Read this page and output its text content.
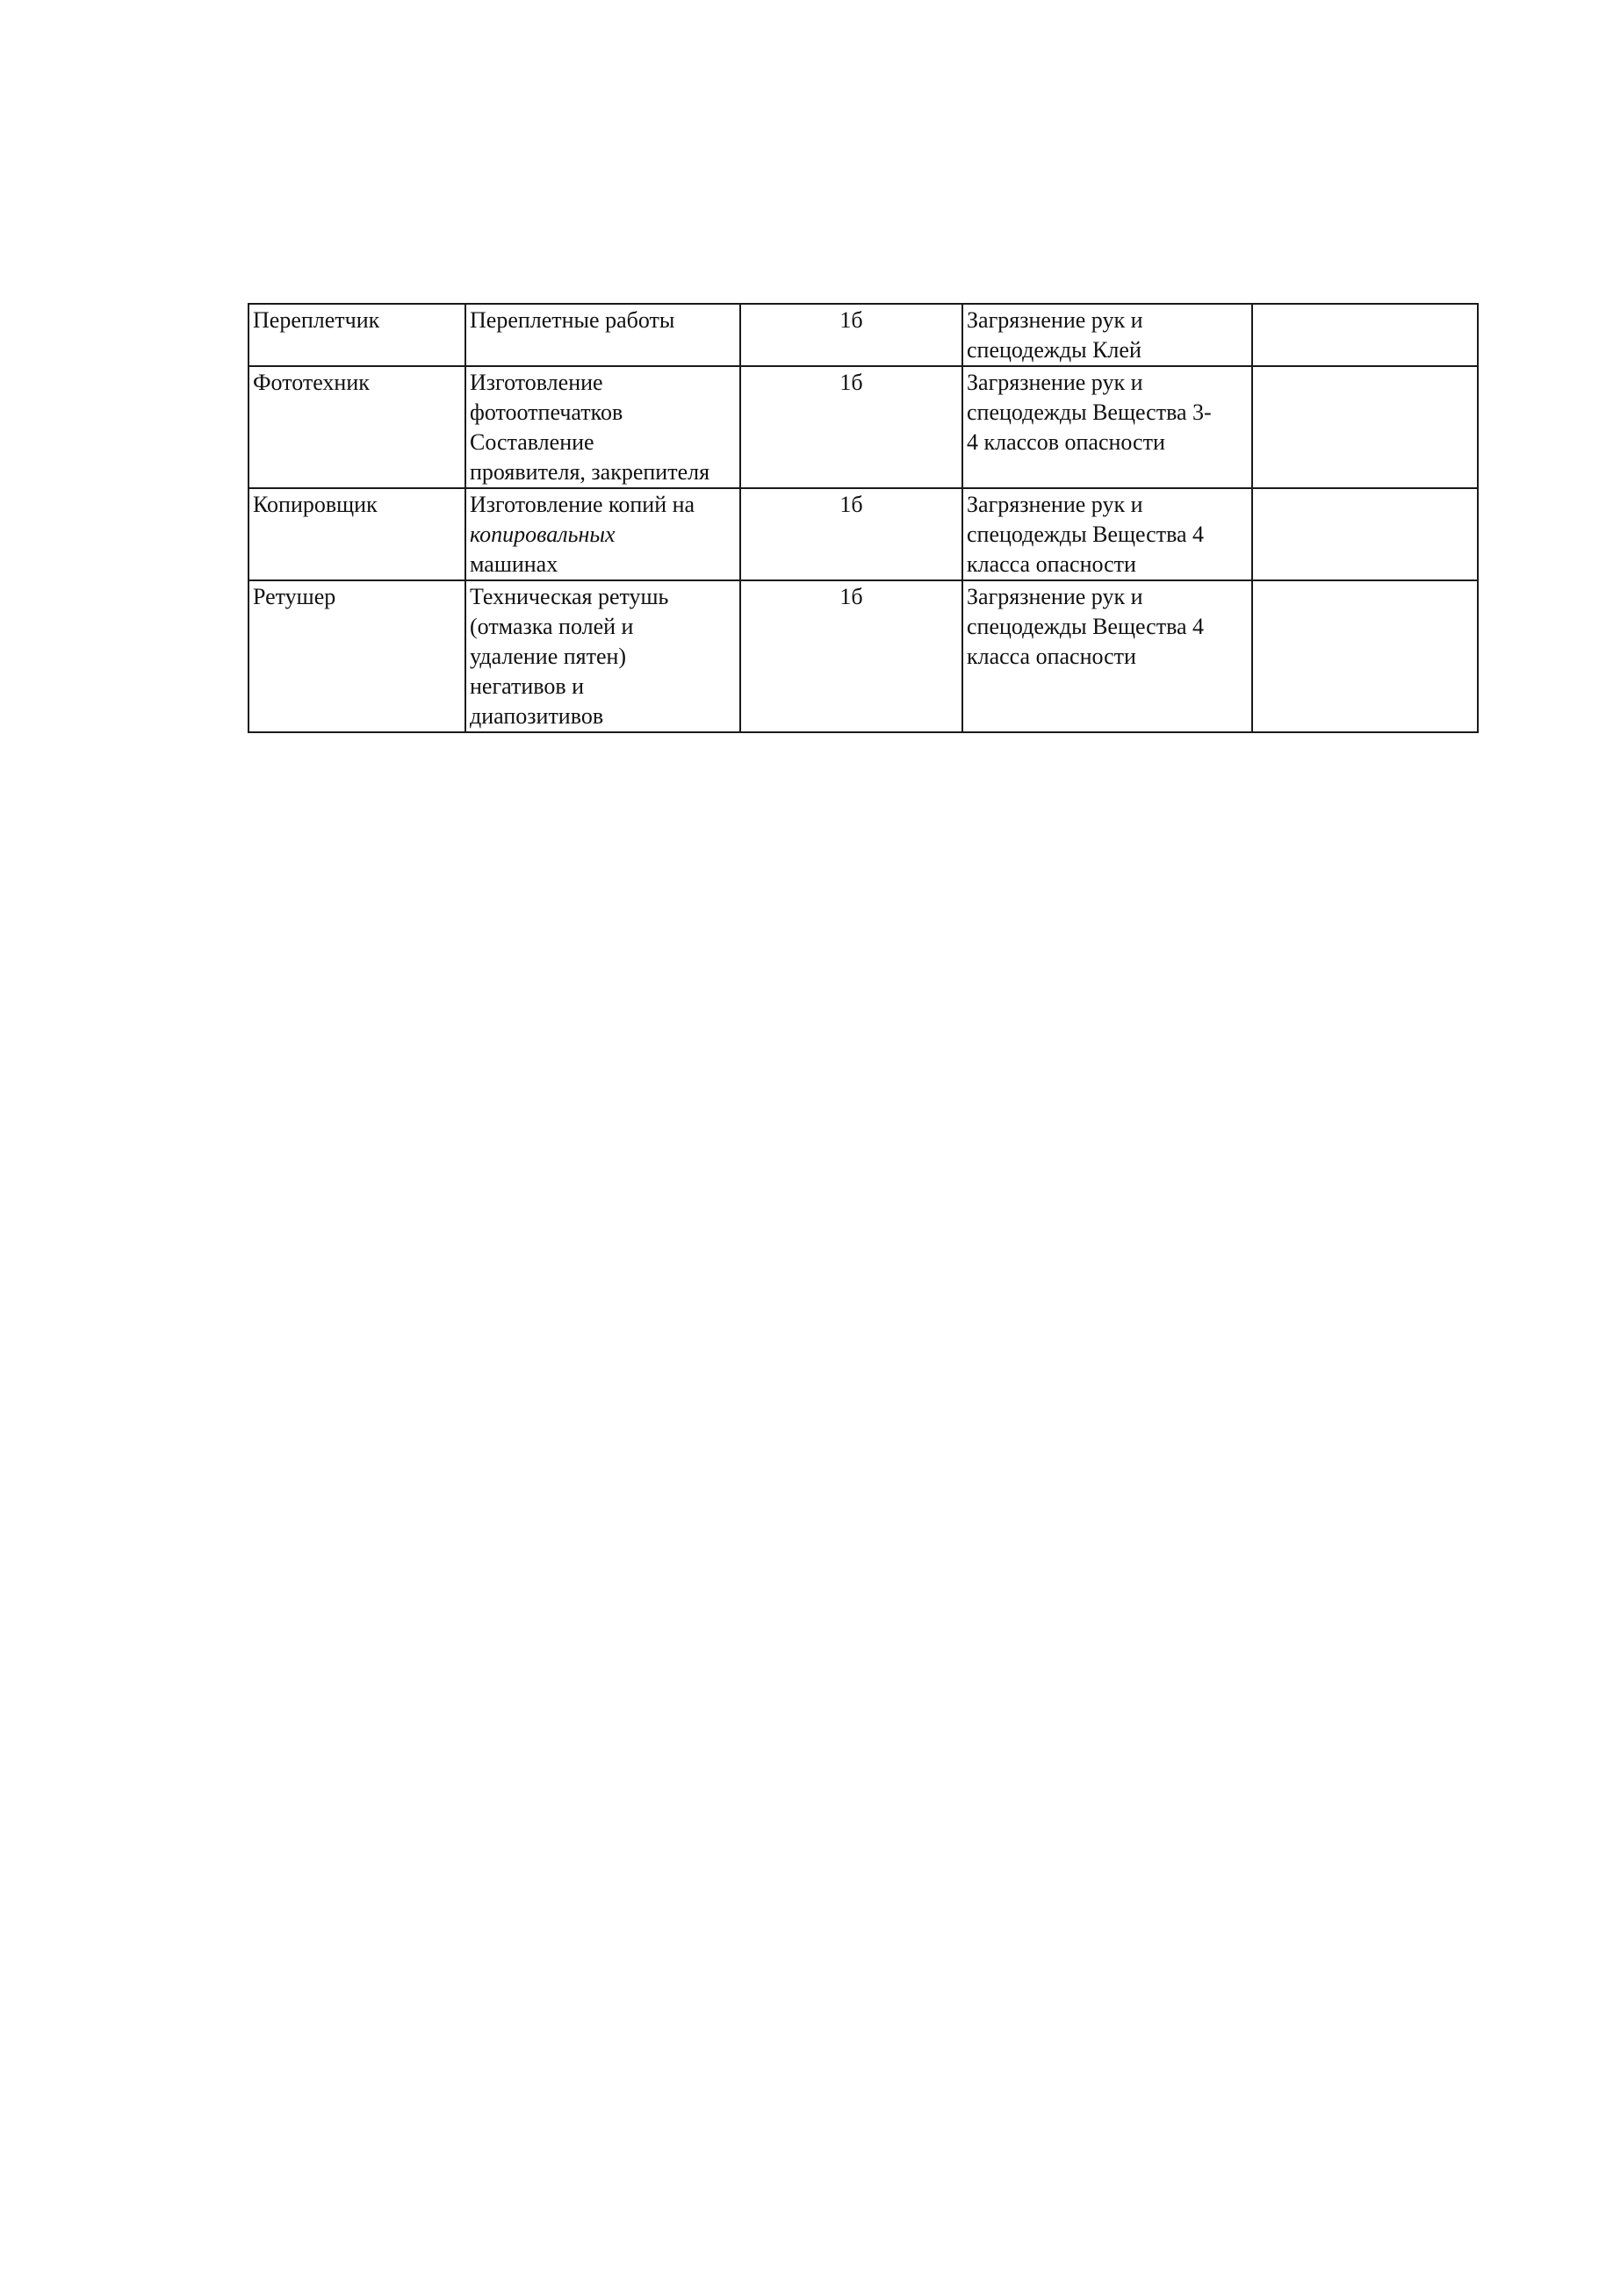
Переплетчик	Переплетные работы	1б	Загрязнение рук и
спецодежды Клей	

Фототехник	Изготовление
фотоотпечатков
Составление
проявителя, закрепителя	1б	Загрязнение рук и
спецодежды Вещества 3-
4 классов опасности	

Копировщик	Изготовление копий на
копировальных
машинах	1б	Загрязнение рук и
спецодежды Вещества 4
класса опасности	

Ретушер	Техническая ретушь
(отмазка полей и
удаление пятен)
негативов и
диапозитивов	1б	Загрязнение рук и
спецодежды Вещества 4
класса опасности	
